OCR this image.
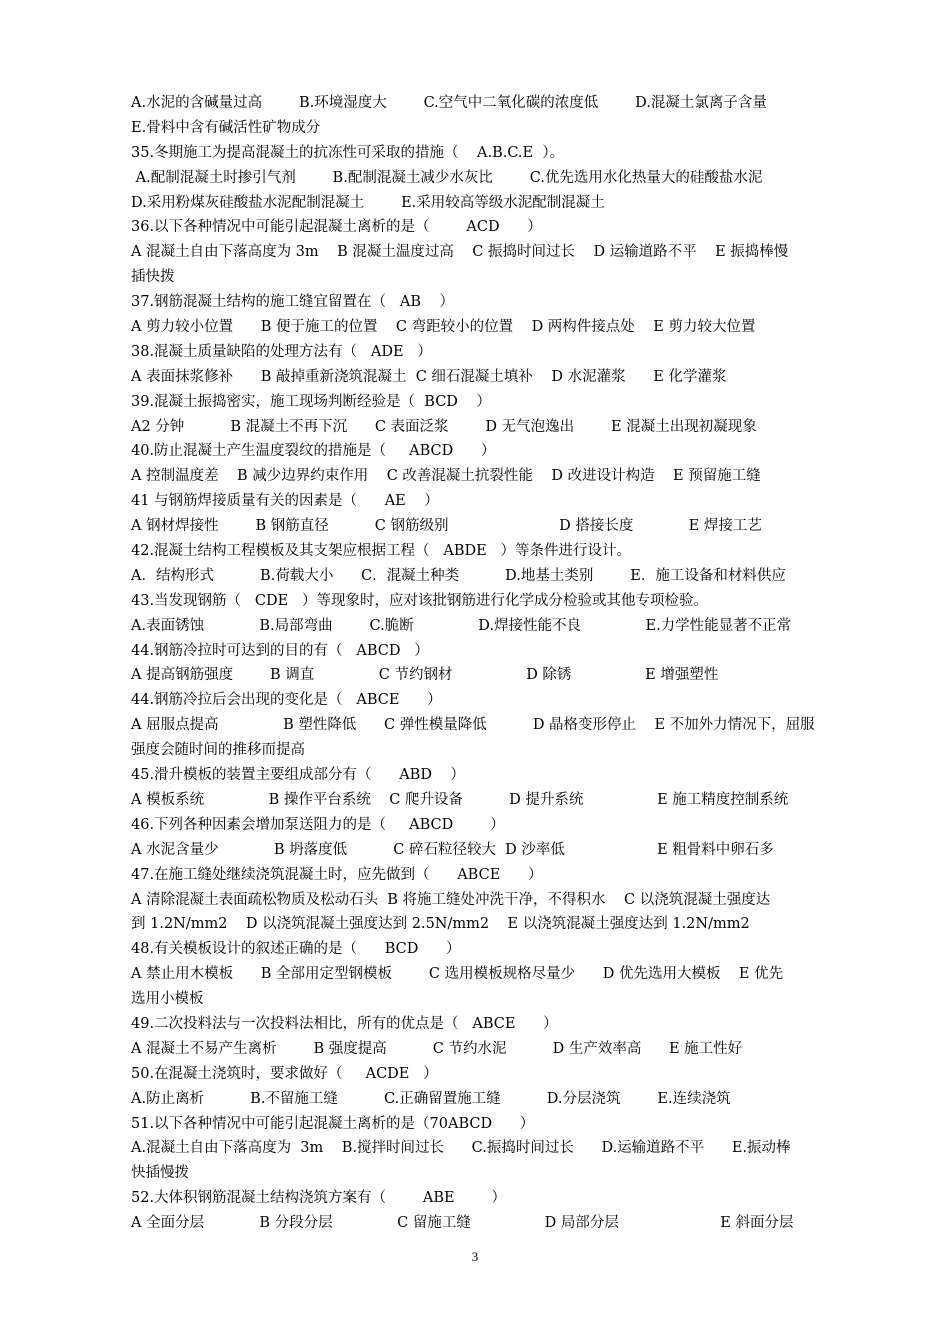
A.水泥的含碱量过高        B.环境湿度大        C.空气中二氧化碳的浓度低        D.混凝土氯离子含量
E.骨料中含有碱活性矿物成分
35.冬期施工为提高混凝土的抗冻性可采取的措施（    A.B.C.E  ）。
A.配制混凝土时掺引气剂        B.配制混凝土减少水灰比        C.优先选用水化热量大的硅酸盐水泥
D.采用粉煤灰硅酸盐水泥配制混凝土        E.采用较高等级水泥配制混凝土
36.以下各种情况中可能引起混凝土离析的是（        ACD      ）
A 混凝土自由下落高度为 3m    B 混凝土温度过高    C 振捣时间过长    D 运输道路不平    E 振捣棒慢
插快拨
37.钢筋混凝土结构的施工缝宜留置在（   AB    ）
A 剪力较小位置      B 便于施工的位置    C 弯距较小的位置    D 两构件接点处    E 剪力较大位置
38.混凝土质量缺陷的处理方法有（   ADE   ）
A 表面抹浆修补      B 敲掉重新浇筑混凝土  C 细石混凝土填补    D 水泥灌浆      E 化学灌浆
39.混凝土振捣密实，施工现场判断经验是（  BCD    ）
A2 分钟          B 混凝土不再下沉      C 表面泛浆        D 无气泡逸出        E 混凝土出现初凝现象
40.防止混凝土产生温度裂纹的措施是（     ABCD      ）
A 控制温度差    B 减少边界约束作用    C 改善混凝土抗裂性能    D 改进设计构造    E 预留施工缝
41 与钢筋焊接质量有关的因素是（      AE    ）
A 钢材焊接性        B 钢筋直径          C 钢筋级别                        D 搭接长度            E 焊接工艺
42.混凝土结构工程模板及其支架应根据工程（   ABDE   ）等条件进行设计。
A．结构形式          B.荷载大小      C．混凝土种类          D.地基土类别        E．施工设备和材料供应
43.当发现钢筋（   CDE   ）等现象时，应对该批钢筋进行化学成分检验或其他专项检验。
A.表面锈蚀            B.局部弯曲        C.脆断              D.焊接性能不良              E.力学性能显著不正常
44.钢筋冷拉时可达到的目的有（   ABCD   ）
A 提高钢筋强度        B 调直              C 节约钢材                D 除锈                E 增强塑性
44.钢筋冷拉后会出现的变化是（   ABCE      ）
A 屈服点提高              B 塑性降低      C 弹性模量降低          D 晶格变形停止    E 不加外力情况下，屈服
强度会随时间的推移而提高
45.滑升模板的装置主要组成部分有（      ABD    ）
A 模板系统              B 操作平台系统    C 爬升设备          D 提升系统                E 施工精度控制系统
46.下列各种因素会增加泵送阻力的是（     ABCD        ）
A 水泥含量少            B 坍落度低          C 碎石粒径较大  D 沙率低                    E 粗骨料中卵石多
47.在施工缝处继续浇筑混凝土时，应先做到（      ABCE      ）
A 清除混凝土表面疏松物质及松动石头  B 将施工缝处冲洗干净，不得积水    C 以浇筑混凝土强度达
到 1.2N/mm2    D 以浇筑混凝土强度达到 2.5N/mm2    E 以浇筑混凝土强度达到 1.2N/mm2
48.有关模板设计的叙述正确的是（      BCD      ）
A 禁止用木模板      B 全部用定型钢模板        C 选用模板规格尽量少      D 优先选用大模板    E 优先
选用小模板
49.二次投料法与一次投料法相比，所有的优点是（   ABCE      ）
A 混凝土不易产生离析        B 强度提高          C 节约水泥          D 生产效率高      E 施工性好
50.在混凝土浇筑时，要求做好（     ACDE   ）
A.防止离析          B.不留施工缝          C.正确留置施工缝          D.分层浇筑        E.连续浇筑
51.以下各种情况中可能引起混凝土离析的是（70ABCD      ）
A.混凝土自由下落高度为  3m    B.搅拌时间过长      C.振捣时间过长      D.运输道路不平      E.振动棒
快插慢拨
52.大体积钢筋混凝土结构浇筑方案有（        ABE        ）
A 全面分层            B 分段分层              C 留施工缝                D 局部分层                      E 斜面分层
3
